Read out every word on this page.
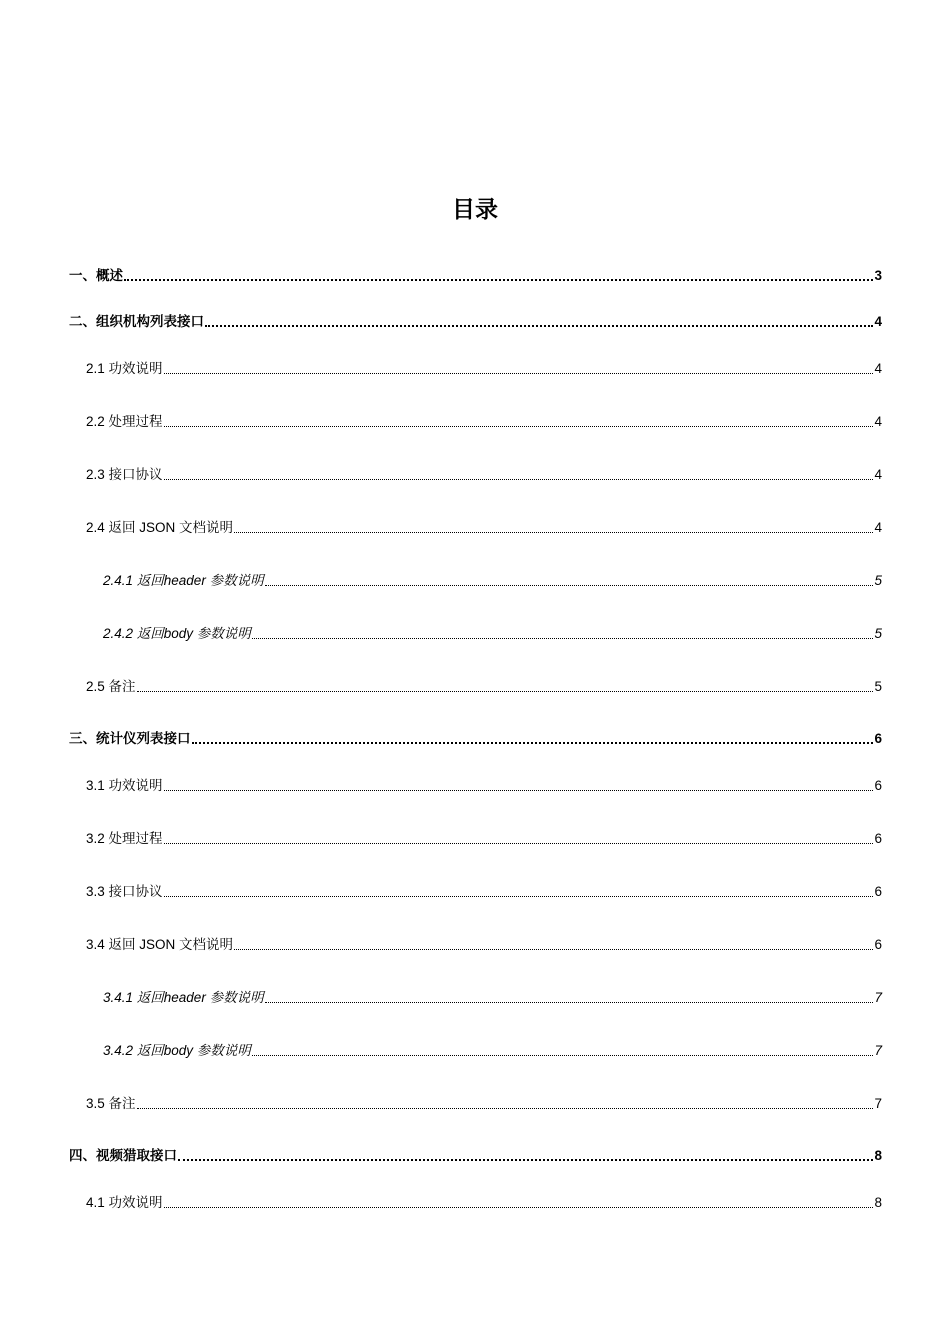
目录
一、概述	3
二、组织机构列表接口	4
2.1 功效说明	4
2.2 处理过程	4
2.3 接口协议	4
2.4 返回 JSON 文档说明	4
2.4.1 返回header 参数说明	5
2.4.2 返回body 参数说明	5
2.5 备注	5
三、统计仪列表接口	6
3.1 功效说明	6
3.2 处理过程	6
3.3 接口协议	6
3.4 返回 JSON 文档说明	6
3.4.1 返回header 参数说明	7
3.4.2 返回body 参数说明	7
3.5 备注	7
四、视频猎取接口	8
4.1 功效说明	8
